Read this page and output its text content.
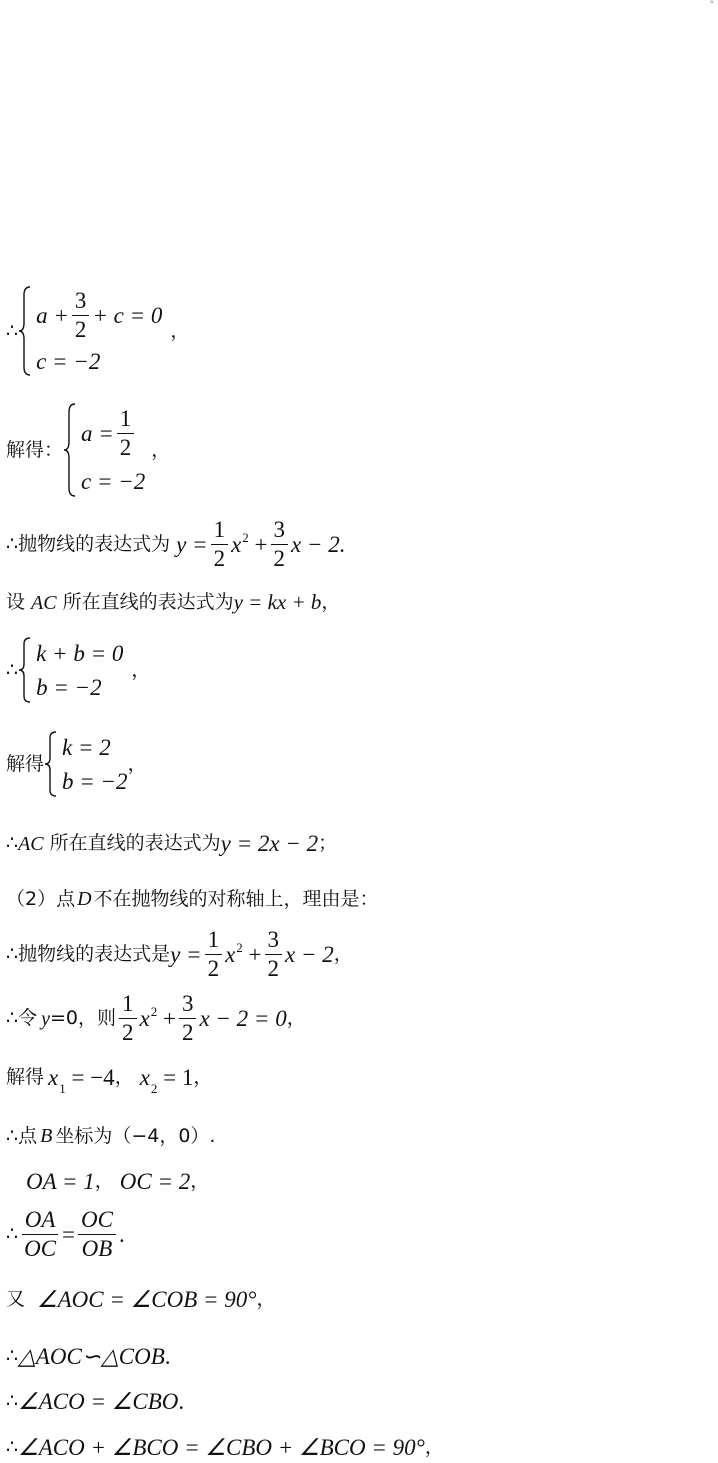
°
∴
$a + \frac{3}{2} + c = 0$
c = −2
，
解得：
$a = \frac{1}{2}$
c = −2
，
∴抛物线的表达式为 $y = \frac{1}{2} x^2 + \frac{3}{2}$ x − 2.
设 AC 所在直线的表达式为 y = kx + b ，
∴
k + b = 0
b = −2
，
解得
k = 2
b = −2
，
∴ AC 所在直线的表达式为 y = 2x − 2 ；
（2）点 D 不在抛物线的对称轴上，理由是：
∴抛物线的表达式是 $y = \frac{1}{2} x^2 + \frac{3}{2}$ x − 2 ，
∴令 y =0，则 $\frac{1}{2} x^2 + \frac{3}{2}$ x − 2 = 0 ，
解得 $x_1 = -4$ ， $x_2 = 1$ ，
∴点 B 坐标为（−4，0）.
OA = 1 ， OC = 2 ，
∴ $\frac{OA}{OC} = \frac{OC}{OB}$ .
又 ∠AOC = ∠COB = 90° ，
∴ △AOC∽△COB .
∴ ∠ACO = ∠CBO .
∴ ∠ACO + ∠BCO = ∠CBO + ∠BCO = 90° ，
